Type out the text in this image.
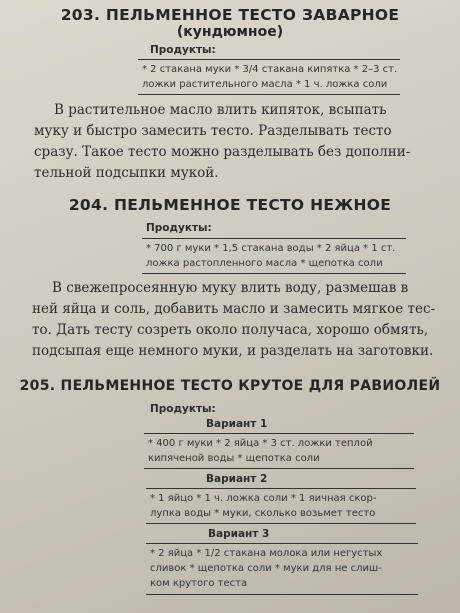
203. ПЕЛЬМЕННОЕ ТЕСТО ЗАВАРНОЕ
(кундюмное)
Продукты:
* 2 стакана муки * 3/4 стакана кипятка * 2–3 ст.
ложки растительного масла * 1 ч. ложка соли
В растительное масло влить кипяток, всыпать
муку и быстро замесить тесто. Разделывать тесто
сразу. Такое тесто можно разделывать без дополни-
тельной подсыпки мукой.
204. ПЕЛЬМЕННОЕ ТЕСТО НЕЖНОЕ
Продукты:
* 700 г муки * 1,5 стакана воды * 2 яйца * 1 ст.
ложка растопленного масла * щепотка соли
В свежепросеянную муку влить воду, размешав в
ней яйца и соль, добавить масло и замесить мягкое тес-
то. Дать тесту созреть около получаса, хорошо обмять,
подсыпая еще немного муки, и разделать на заготовки.
205. ПЕЛЬМЕННОЕ ТЕСТО КРУТОЕ ДЛЯ РАВИОЛЕЙ
Продукты:
Вариант 1
* 400 г муки * 2 яйца * 3 ст. ложки теплой
кипяченой воды * щепотка соли
Вариант 2
* 1 яйцо * 1 ч. ложка соли * 1 яичная скор-
лупка воды * муки, сколько возьмет тесто
Вариант 3
* 2 яйца * 1/2 стакана молока или негустых
сливок * щепотка соли * муки для не слиш-
ком крутого теста
